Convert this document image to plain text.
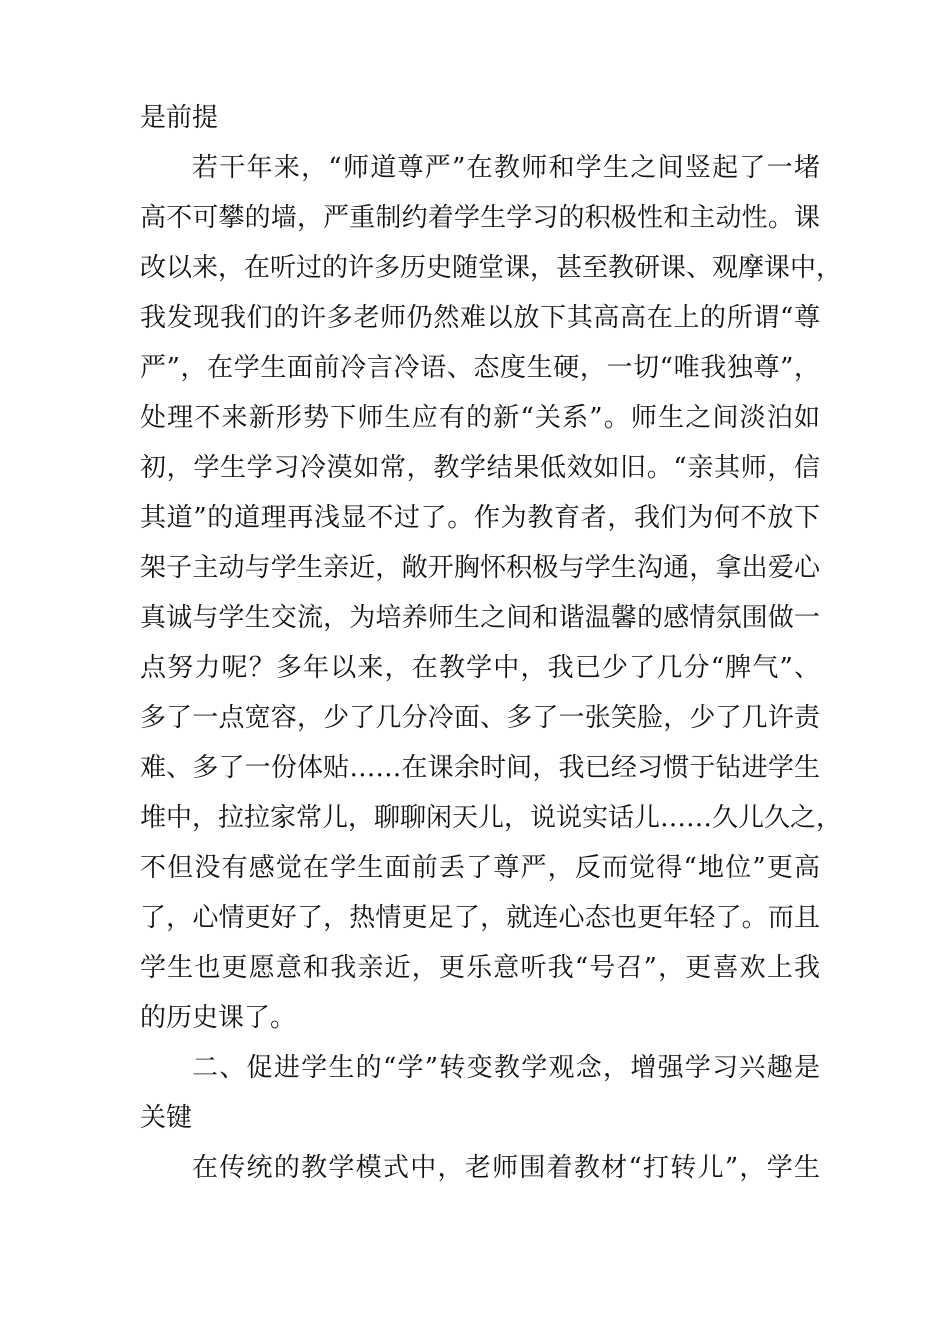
是前提
若干年来，“师道尊严”在教师和学生之间竖起了一堵
高不可攀的墙，严重制约着学生学习的积极性和主动性。课
改以来，在听过的许多历史随堂课，甚至教研课、观摩课中，
我发现我们的许多老师仍然难以放下其高高在上的所谓“尊
严”，在学生面前冷言冷语、态度生硬，一切“唯我独尊”，
处理不来新形势下师生应有的新“关系”。师生之间淡泊如
初，学生学习冷漠如常，教学结果低效如旧。“亲其师，信
其道”的道理再浅显不过了。作为教育者，我们为何不放下
架子主动与学生亲近，敞开胸怀积极与学生沟通，拿出爱心
真诚与学生交流，为培养师生之间和谐温馨的感情氛围做一
点努力呢？多年以来，在教学中，我已少了几分“脾气”、
多了一点宽容，少了几分冷面、多了一张笑脸，少了几许责
难、多了一份体贴……在课余时间，我已经习惯于钻进学生
堆中，拉拉家常儿，聊聊闲天儿，说说实话儿……久儿久之，
不但没有感觉在学生面前丢了尊严，反而觉得“地位”更高
了，心情更好了，热情更足了，就连心态也更年轻了。而且
学生也更愿意和我亲近，更乐意听我“号召”，更喜欢上我
的历史课了。
二、促进学生的“学”转变教学观念，增强学习兴趣是
关键
在传统的教学模式中，老师围着教材“打转儿”，学生
